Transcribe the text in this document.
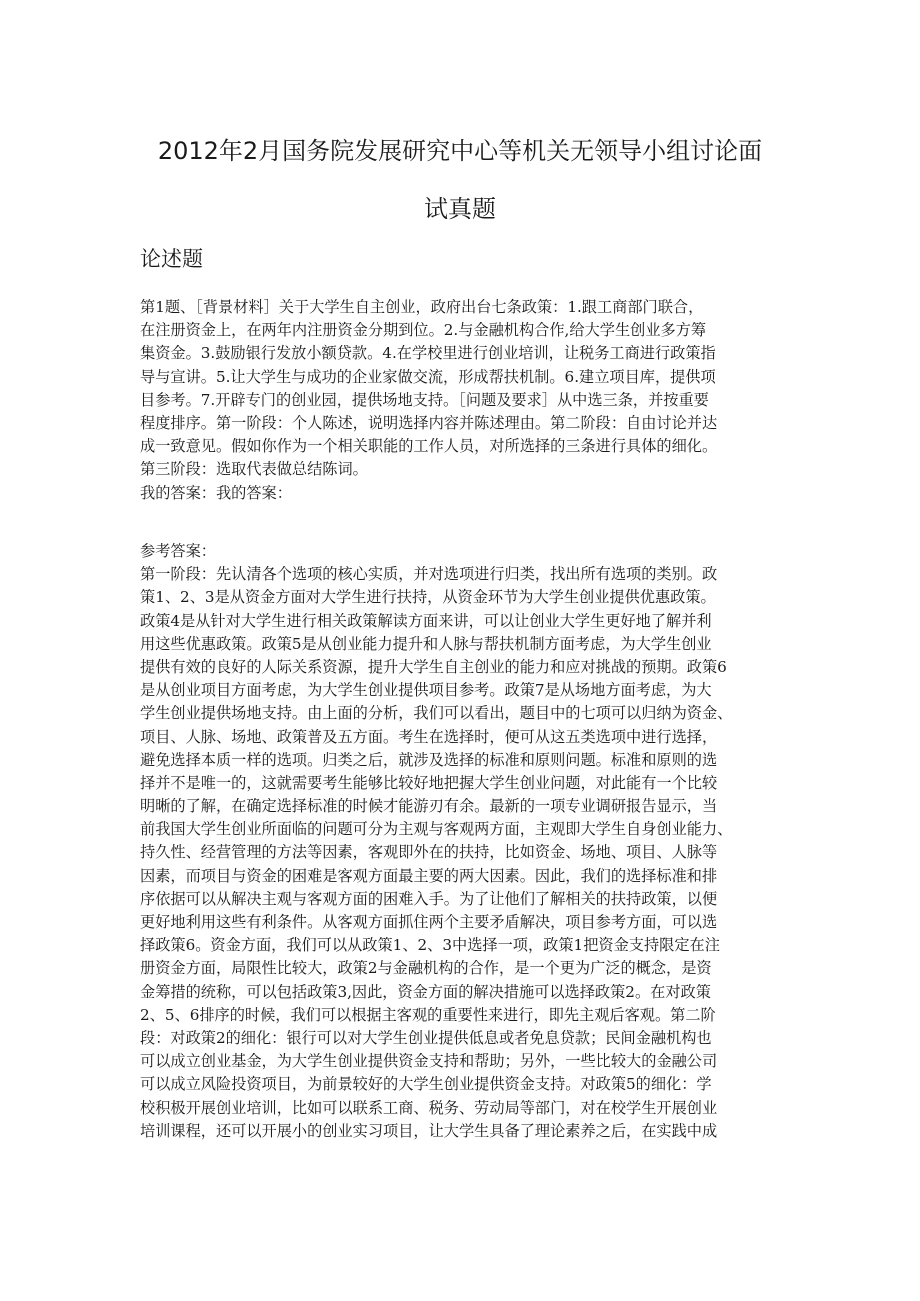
2012年2月国务院发展研究中心等机关无领导小组讨论面
试真题
论述题
第1题、［背景材料］关于大学生自主创业，政府出台七条政策：1.跟工商部门联合，
在注册资金上，在两年内注册资金分期到位。2.与金融机构合作,给大学生创业多方筹
集资金。3.鼓励银行发放小额贷款。4.在学校里进行创业培训，让税务工商进行政策指
导与宣讲。5.让大学生与成功的企业家做交流，形成帮扶机制。6.建立项目库，提供项
目参考。7.开辟专门的创业园，提供场地支持。［问题及要求］从中选三条，并按重要
程度排序。第一阶段：个人陈述，说明选择内容并陈述理由。第二阶段：自由讨论并达
成一致意见。假如你作为一个相关职能的工作人员，对所选择的三条进行具体的细化。
第三阶段：选取代表做总结陈词。
我的答案：我的答案：
参考答案：
第一阶段：先认清各个选项的核心实质，并对选项进行归类，找出所有选项的类别。政
策1、2、3是从资金方面对大学生进行扶持，从资金环节为大学生创业提供优惠政策。
政策4是从针对大学生进行相关政策解读方面来讲，可以让创业大学生更好地了解并利
用这些优惠政策。政策5是从创业能力提升和人脉与帮扶机制方面考虑，为大学生创业
提供有效的良好的人际关系资源，提升大学生自主创业的能力和应对挑战的预期。政策6
是从创业项目方面考虑，为大学生创业提供项目参考。政策7是从场地方面考虑，为大
学生创业提供场地支持。由上面的分析，我们可以看出，题目中的七项可以归纳为资金、
项目、人脉、场地、政策普及五方面。考生在选择时，便可从这五类选项中进行选择，
避免选择本质一样的选项。归类之后，就涉及选择的标准和原则问题。标准和原则的选
择并不是唯一的，这就需要考生能够比较好地把握大学生创业问题，对此能有一个比较
明晰的了解，在确定选择标准的时候才能游刃有余。最新的一项专业调研报告显示，当
前我国大学生创业所面临的问题可分为主观与客观两方面，主观即大学生自身创业能力、
持久性、经营管理的方法等因素，客观即外在的扶持，比如资金、场地、项目、人脉等
因素，而项目与资金的困难是客观方面最主要的两大因素。因此，我们的选择标准和排
序依据可以从解决主观与客观方面的困难入手。为了让他们了解相关的扶持政策，以便
更好地利用这些有利条件。从客观方面抓住两个主要矛盾解决，项目参考方面，可以选
择政策6。资金方面，我们可以从政策1、2、3中选择一项，政策1把资金支持限定在注
册资金方面，局限性比较大，政策2与金融机构的合作，是一个更为广泛的概念，是资
金筹措的统称，可以包括政策3,因此，资金方面的解决措施可以选择政策2。在对政策
2、5、6排序的时候，我们可以根据主客观的重要性来进行，即先主观后客观。第二阶
段：对政策2的细化：银行可以对大学生创业提供低息或者免息贷款；民间金融机构也
可以成立创业基金，为大学生创业提供资金支持和帮助；另外，一些比较大的金融公司
可以成立风险投资项目，为前景较好的大学生创业提供资金支持。对政策5的细化：学
校积极开展创业培训，比如可以联系工商、税务、劳动局等部门，对在校学生开展创业
培训课程，还可以开展小的创业实习项目，让大学生具备了理论素养之后，在实践中成
